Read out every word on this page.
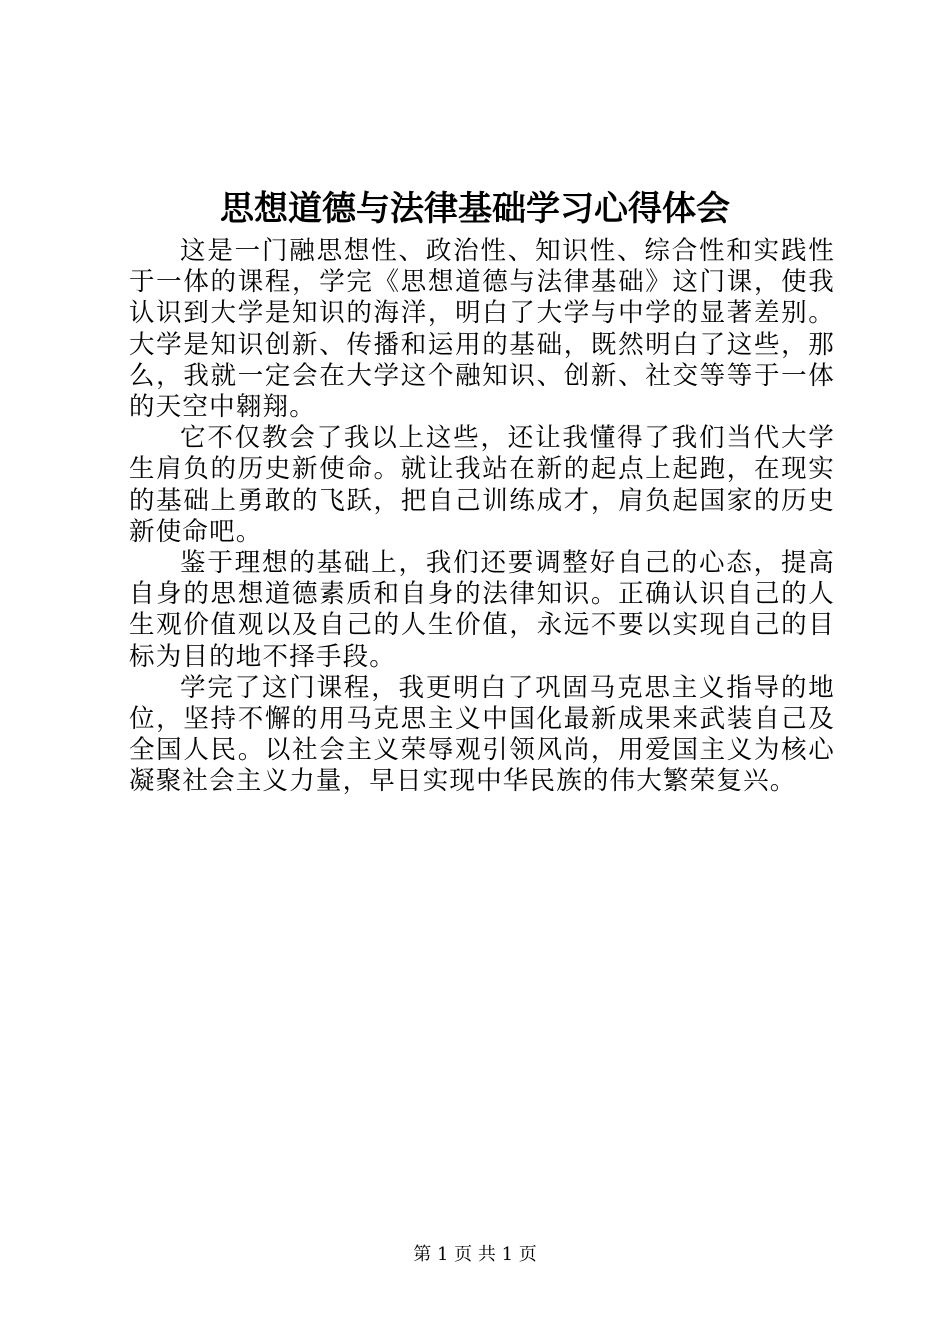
思想道德与法律基础学习心得体会

这是一门融思想性、政治性、知识性、综合性和实践性于一体的课程，学完《思想道德与法律基础》这门课，使我认识到大学是知识的海洋，明白了大学与中学的显著差别。大学是知识创新、传播和运用的基础，既然明白了这些，那么，我就一定会在大学这个融知识、创新、社交等等于一体的天空中翱翔。

它不仅教会了我以上这些，还让我懂得了我们当代大学生肩负的历史新使命。就让我站在新的起点上起跑，在现实的基础上勇敢的飞跃，把自己训练成才，肩负起国家的历史新使命吧。

鉴于理想的基础上，我们还要调整好自己的心态，提高自身的思想道德素质和自身的法律知识。正确认识自己的人生观价值观以及自己的人生价值，永远不要以实现自己的目标为目的地不择手段。

学完了这门课程，我更明白了巩固马克思主义指导的地位，坚持不懈的用马克思主义中国化最新成果来武装自己及全国人民。以社会主义荣辱观引领风尚，用爱国主义为核心凝聚社会主义力量，早日实现中华民族的伟大繁荣复兴。

第 1 页 共 1 页
